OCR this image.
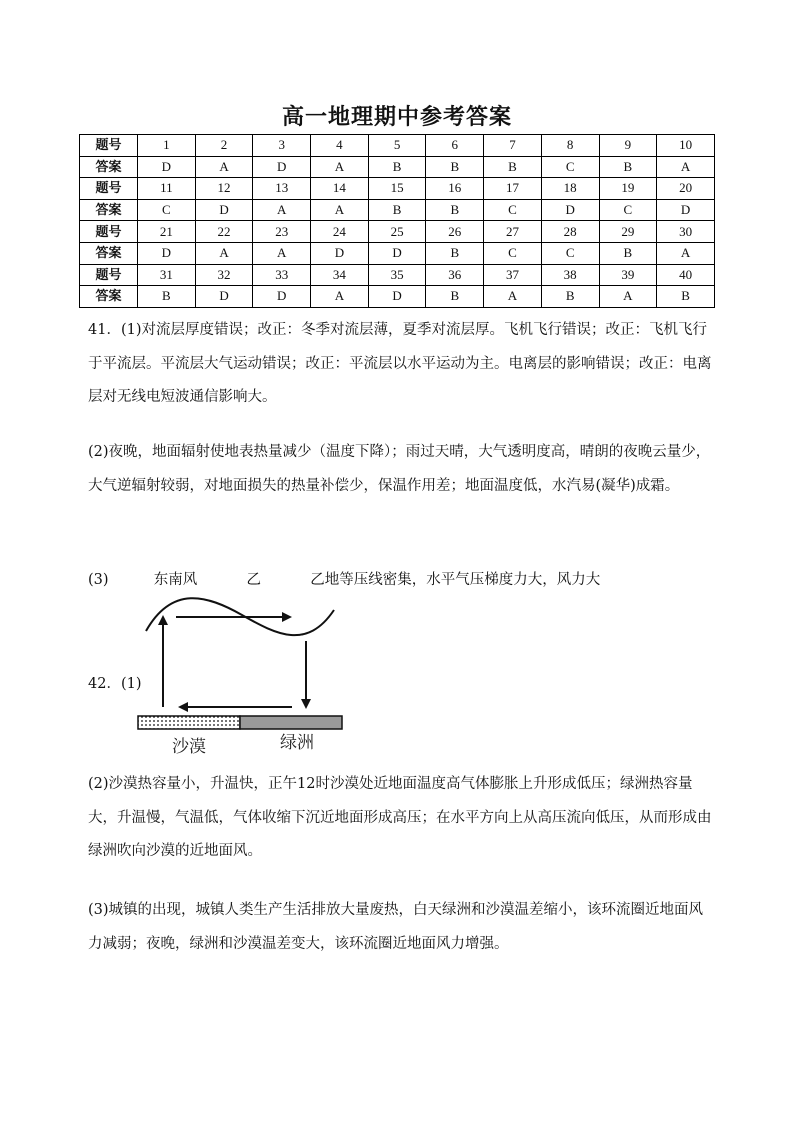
高一地理期中参考答案
题号	1	2	3	4	5	6	7	8	9	10
答案	D	A	D	A	B	B	B	C	B	A
题号	11	12	13	14	15	16	17	18	19	20
答案	C	D	A	A	B	B	C	D	C	D
题号	21	22	23	24	25	26	27	28	29	30
答案	D	A	A	D	D	B	C	C	B	A
题号	31	32	33	34	35	36	37	38	39	40
答案	B	D	D	A	D	B	A	B	A	B

41．(1)对流层厚度错误；改正：冬季对流层薄，夏季对流层厚。飞机飞行错误；改正：飞机飞行于平流层。平流层大气运动错误；改正：平流层以水平运动为主。电离层的影响错误；改正：电离层对无线电短波通信影响大。

(2)夜晚，地面辐射使地表热量减少（温度下降）；雨过天晴，大气透明度高，晴朗的夜晚云量少，大气逆辐射较弱，对地面损失的热量补偿少，保温作用差；地面温度低，水汽易(凝华)成霜。

(3)	东南风	乙	乙地等压线密集，水平气压梯度力大，风力大
42．(1)
沙漠	绿洲

(2)沙漠热容量小，升温快，正午12时沙漠处近地面温度高气体膨胀上升形成低压；绿洲热容量大，升温慢，气温低，气体收缩下沉近地面形成高压；在水平方向上从高压流向低压，从而形成由绿洲吹向沙漠的近地面风。

(3)城镇的出现，城镇人类生产生活排放大量废热，白天绿洲和沙漠温差缩小，该环流圈近地面风力减弱；夜晚，绿洲和沙漠温差变大，该环流圈近地面风力增强。
